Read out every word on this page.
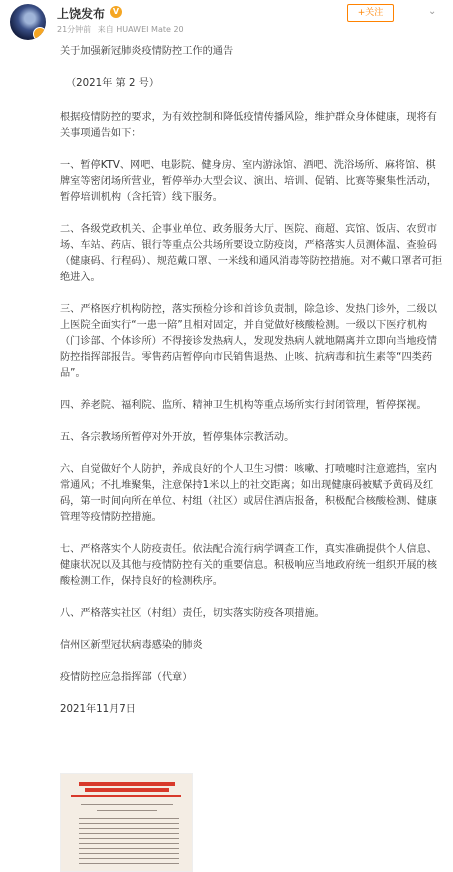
上饶发布 V
21分钟前 来自 HUAWEI Mate 20
+关注	⌄

关于加强新冠肺炎疫情防控工作的通告

（2021年 第 2 号）

根据疫情防控的要求，为有效控制和降低疫情传播风险，维护群众身体健康，现将有关事项通告如下：

一、暂停KTV、网吧、电影院、健身房、室内游泳馆、酒吧、洗浴场所、麻将馆、棋牌室等密闭场所营业，暂停举办大型会议、演出、培训、促销、比赛等聚集性活动，暂停培训机构（含托管）线下服务。

二、各级党政机关、企事业单位、政务服务大厅、医院、商超、宾馆、饭店、农贸市场、车站、药店、银行等重点公共场所要设立防疫岗，严格落实人员测体温、查验码（健康码、行程码）、规范戴口罩、一米线和通风消毒等防控措施。对不戴口罩者可拒绝进入。

三、严格医疗机构防控，落实预检分诊和首诊负责制，除急诊、发热门诊外，二级以上医院全面实行“一患一陪”且相对固定，并自觉做好核酸检测。一级以下医疗机构（门诊部、个体诊所）不得接诊发热病人，发现发热病人就地隔离并立即向当地疫情防控指挥部报告。零售药店暂停向市民销售退热、止咳、抗病毒和抗生素等“四类药品”。

四、养老院、福利院、监所、精神卫生机构等重点场所实行封闭管理，暂停探视。

五、各宗教场所暂停对外开放，暂停集体宗教活动。

六、自觉做好个人防护，养成良好的个人卫生习惯：咳嗽、打喷嚏时注意遮挡，室内常通风；不扎堆聚集，注意保持1米以上的社交距离；如出现健康码被赋予黄码及红码，第一时间向所在单位、村组（社区）或居住酒店报备，积极配合核酸检测、健康管理等疫情防控措施。

七、严格落实个人防疫责任。依法配合流行病学调查工作，真实准确提供个人信息、健康状况以及其他与疫情防控有关的重要信息。积极响应当地政府统一组织开展的核酸检测工作，保持良好的检测秩序。

八、严格落实社区（村组）责任，切实落实防疫各项措施。

信州区新型冠状病毒感染的肺炎

疫情防控应急指挥部（代章）

2021年11月7日
